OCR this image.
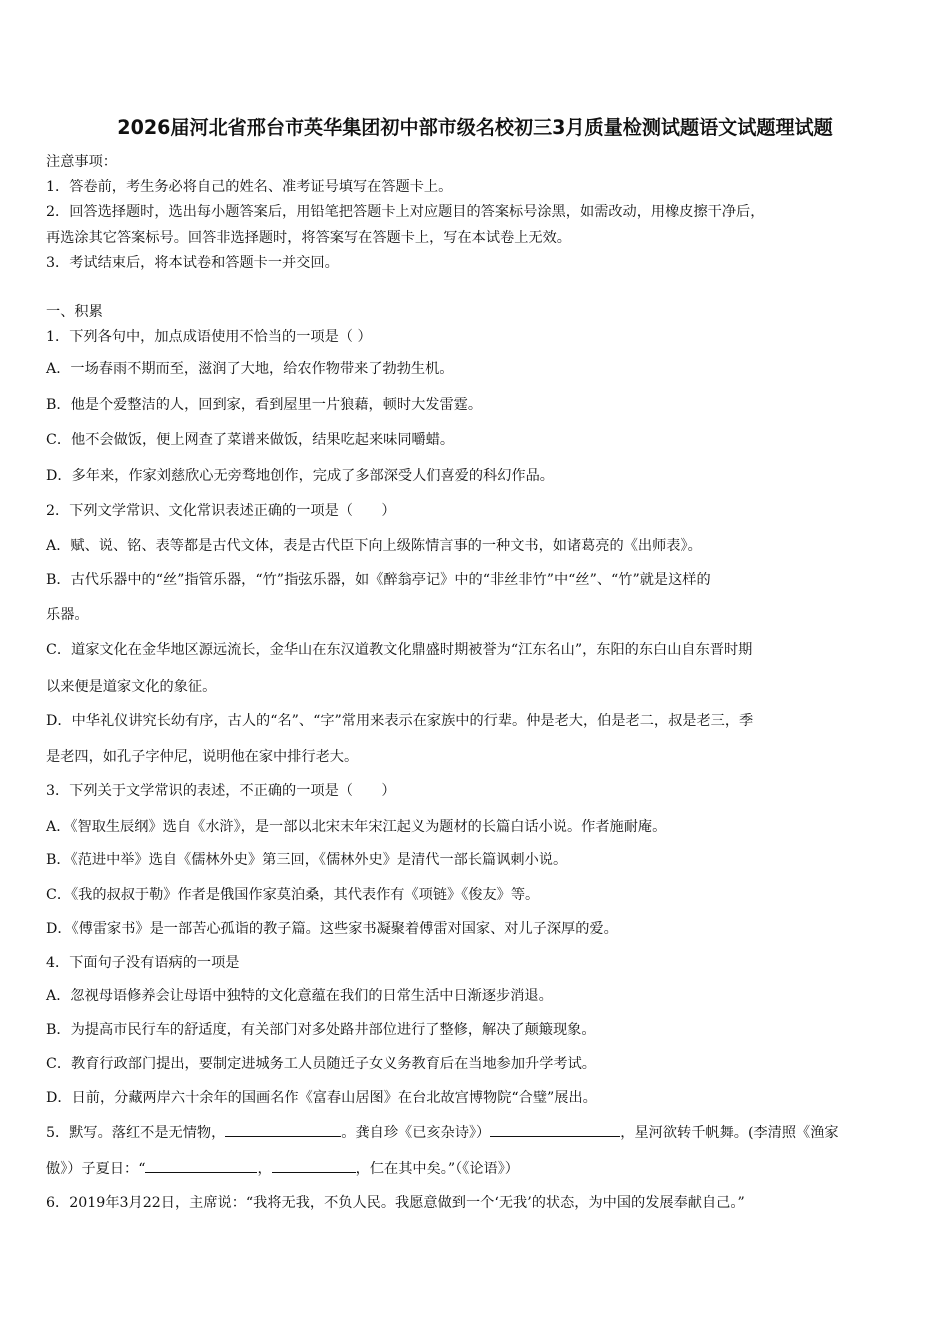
2026届河北省邢台市英华集团初中部市级名校初三3月质量检测试题语文试题理试题
注意事项：
1．答卷前，考生务必将自己的姓名、准考证号填写在答题卡上。
2．回答选择题时，选出每小题答案后，用铅笔把答题卡上对应题目的答案标号涂黑，如需改动，用橡皮擦干净后，
再选涂其它答案标号。回答非选择题时，将答案写在答题卡上，写在本试卷上无效。
3．考试结束后，将本试卷和答题卡一并交回。
一、积累
1．下列各句中，加点成语使用不恰当的一项是（ ）
A．一场春雨不期而至，滋润了大地，给农作物带来了勃勃生机。
B．他是个爱整洁的人，回到家，看到屋里一片狼藉，顿时大发雷霆。
C．他不会做饭，便上网查了菜谱来做饭，结果吃起来味同嚼蜡。
D．多年来，作家刘慈欣心无旁骛地创作，完成了多部深受人们喜爱的科幻作品。
2．下列文学常识、文化常识表述正确的一项是（　　）
A．赋、说、铭、表等都是古代文体，表是古代臣下向上级陈情言事的一种文书，如诸葛亮的《出师表》。
B．古代乐器中的“丝”指管乐器，“竹”指弦乐器，如《醉翁亭记》中的“非丝非竹”中“丝”、“竹”就是这样的
乐器。
C．道家文化在金华地区源远流长，金华山在东汉道教文化鼎盛时期被誉为“江东名山”，东阳的东白山自东晋时期
以来便是道家文化的象征。
D．中华礼仪讲究长幼有序，古人的“名”、“字”常用来表示在家族中的行辈。仲是老大，伯是老二，叔是老三，季
是老四，如孔子字仲尼，说明他在家中排行老大。
3．下列关于文学常识的表述，不正确的一项是（　　）
A．《智取生辰纲》选自《水浒》，是一部以北宋末年宋江起义为题材的长篇白话小说。作者施耐庵。
B．《范进中举》选自《儒林外史》第三回，《儒林外史》是清代一部长篇讽刺小说。
C．《我的叔叔于勒》作者是俄国作家莫泊桑，其代表作有《项链》《俊友》等。
D．《傅雷家书》是一部苦心孤诣的教子篇。这些家书凝聚着傅雷对国家、对儿子深厚的爱。
4．下面句子没有语病的一项是
A．忽视母语修养会让母语中独特的文化意蕴在我们的日常生活中日渐逐步消退。
B．为提高市民行车的舒适度，有关部门对多处路井部位进行了整修，解决了颠簸现象。
C．教育行政部门提出，要制定进城务工人员随迁子女义务教育后在当地参加升学考试。
D．日前，分藏两岸六十余年的国画名作《富春山居图》在台北故宫博物院“合璧”展出。
5．默写。落红不是无情物，	。龚自珍《已亥杂诗》）	，星河欲转千帆舞。(李清照《渔家
傲》）子夏日：“	，	，仁在其中矣。”（《论语》）
6．2019年3月22日，主席说：“我将无我，不负人民。我愿意做到一个‘无我’的状态，为中国的发展奉献自己。”
